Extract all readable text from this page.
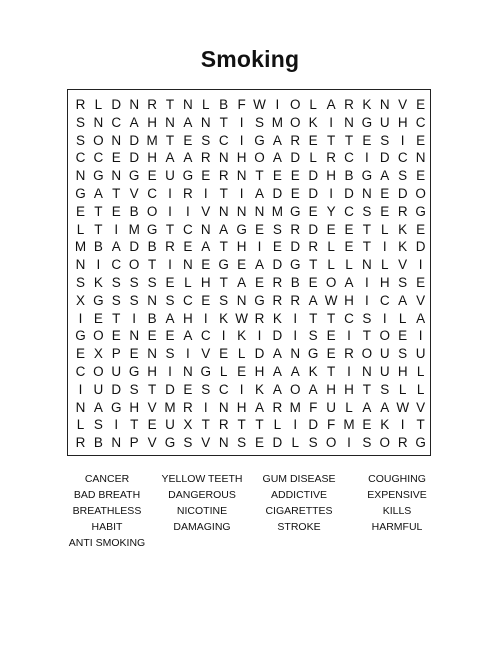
Smoking
R L D N R T N L B F W I O L A R K N V E
S N C A H N A N T I S M O K I N G U H C
S O N D M T E S C I G A R E T T E S I E
C C E D H A A R N H O A D L R C I D C N
N G N G E U G E R N T E E D H B G A S E
G A T V C I R I T I A D E D I D N E D O
E T E B O I	I V N N N M G E Y C S E R G
L T I M G T C N A G E S R D E E T L K E
M B A D B R E A T H I E D R L E T I K D
N I C O T I N E G E A D G T L L N L V I
S K S S S E L H T A E R B E O A I H S E
X G S S N S C E S N G R R A W H I C A V
I E T I B A H I K W R K I T T C S I L A
G O E N E E A C I K I D I S E I T O E I
E X P E N S I V E L D A N G E R O U S U
C O U G H I N G L E H A A K T I N U H L
I U D S T D E S C I K A O A H H T S L L
N A G H V M R I N H A R M F U L A A W V
L S I T E U X T R T T L I D F M E K I T
R B N P V G S V N S E D L S O I S O R G
CANCER	YELLOW TEETH	GUM DISEASE	COUGHING
BAD BREATH	DANGEROUS	ADDICTIVE	EXPENSIVE
BREATHLESS	NICOTINE	CIGARETTES	KILLS
HABIT	DAMAGING	STROKE	HARMFUL
ANTI SMOKING
